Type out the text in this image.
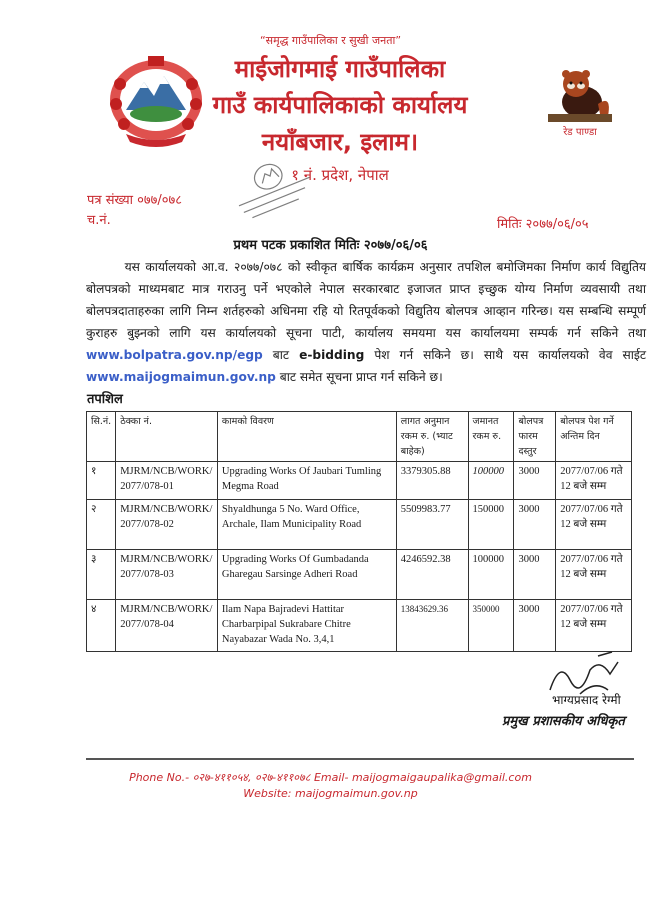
“समृद्ध गाउँपालिका र सुखी जनता”
माईजोगमाई गाउँपालिका
गाउँ कार्यपालिकाको कार्यालय
नयाँबजार, इलाम।
१ नं. प्रदेश, नेपाल
रेड पाण्डा
पत्र संख्या ०७७/०७८
च.नं.	मितिः २०७७/०६/०५
प्रथम पटक प्रकाशित मितिः २०७७/०६/०६
यस कार्यालयको आ.व. २०७७/०७८ को स्वीकृत बार्षिक कार्यक्रम अनुसार तपशिल बमोजिमका निर्माण कार्य विद्युतिय बोलपत्रको माध्यमबाट मात्र गराउनु पर्ने भएकोले नेपाल सरकारबाट इजाजत प्राप्त इच्छुक योग्य निर्माण व्यवसायी तथा बोलपत्रदाताहरुका लागि निम्न शर्तहरुको अधिनमा रहि यो रितपूर्वकको विद्युतिय बोलपत्र आव्हान गरिन्छ। यस सम्बन्धि सम्पूर्ण कुराहरु बुझ्नको लागि यस कार्यालयको सूचना पाटी, कार्यालय समयमा यस कार्यालयमा सम्पर्क गर्न सकिने तथा www.bolpatra.gov.np/egp बाट e-bidding पेश गर्न सकिने छ। साथै यस कार्यालयको वेव साईट www.maijogmaimun.gov.np बाट समेत सूचना प्राप्त गर्न सकिने छ।
तपशिल
सि.नं.	ठेक्का नं.	कामको विवरण	लागत अनुमान रकम रु. (भ्याट बाहेक)	जमानत रकम रु.	बोलपत्र फारम दस्तुर	बोलपत्र पेश गर्ने अन्तिम दिन
१	MJRM/NCB/WORK/2077/078-01	Upgrading Works Of Jaubari Tumling Megma Road	3379305.88	100000	3000	2077/07/06 गते 12 बजे सम्म
२	MJRM/NCB/WORK/2077/078-02	Shyaldhunga 5 No. Ward Office, Archale, Ilam Municipality Road	5509983.77	150000	3000	2077/07/06 गते 12 बजे सम्म
३	MJRM/NCB/WORK/2077/078-03	Upgrading Works Of Gumbadanda Gharegau Sarsinge Adheri Road	4246592.38	100000	3000	2077/07/06 गते 12 बजे सम्म
४	MJRM/NCB/WORK/2077/078-04	Ilam Napa Bajradevi Hattitar Charbarpipal Sukrabare Chitre Nayabazar Wada No. 3,4,1	13843629.36	350000	3000	2077/07/06 गते 12 बजे सम्म
भाग्यप्रसाद रेग्मी
प्रमुख प्रशासकीय अधिकृत
Phone No.- ०२७-४११०५४, ०२७-४११०७८ Email- maijogmaigaupalika@gmail.com
Website: maijogmaimun.gov.np
